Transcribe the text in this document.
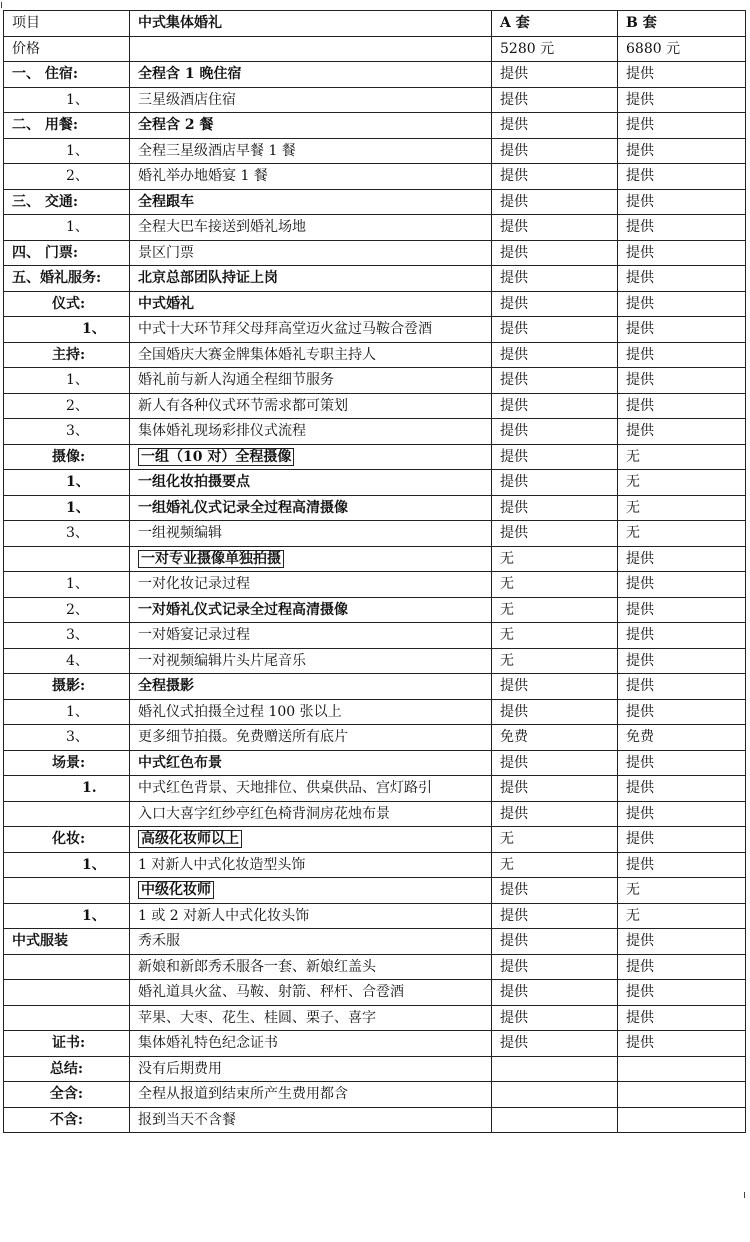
项目	中式集体婚礼	A 套	B 套
价格		5280 元	6880 元
一、 住宿:	全程含 1 晚住宿	提供	提供
1、	三星级酒店住宿	提供	提供
二、 用餐:	全程含 2 餐	提供	提供
1、	全程三星级酒店早餐 1 餐	提供	提供
2、	婚礼举办地婚宴 1 餐	提供	提供
三、 交通:	全程跟车	提供	提供
1、	全程大巴车接送到婚礼场地	提供	提供
四、 门票:	景区门票	提供	提供
五、婚礼服务:	北京总部团队持证上岗	提供	提供
仪式:	中式婚礼	提供	提供
1、	中式十大环节拜父母拜高堂迈火盆过马鞍合卺酒	提供	提供
主持:	全国婚庆大赛金牌集体婚礼专职主持人	提供	提供
1、	婚礼前与新人沟通全程细节服务	提供	提供
2、	新人有各种仪式环节需求都可策划	提供	提供
3、	集体婚礼现场彩排仪式流程	提供	提供
摄像:	一组（10 对）全程摄像	提供	无
1、	一组化妆拍摄要点	提供	无
1、	一组婚礼仪式记录全过程高清摄像	提供	无
3、	一组视频编辑	提供	无
	一对专业摄像单独拍摄	无	提供
1、	一对化妆记录过程	无	提供
2、	一对婚礼仪式记录全过程高清摄像	无	提供
3、	一对婚宴记录过程	无	提供
4、	一对视频编辑片头片尾音乐	无	提供
摄影:	全程摄影	提供	提供
1、	婚礼仪式拍摄全过程 100 张以上	提供	提供
3、	更多细节拍摄。免费赠送所有底片	免费	免费
场景:	中式红色布景	提供	提供
1.	中式红色背景、天地排位、供桌供品、宫灯路引	提供	提供
	入口大喜字红纱亭红色椅背洞房花烛布景	提供	提供
化妆:	高级化妆师以上	无	提供
1、	1 对新人中式化妆造型头饰	无	提供
	中级化妆师	提供	无
1、	1 或 2 对新人中式化妆头饰	提供	无
中式服装	秀禾服	提供	提供
	新娘和新郎秀禾服各一套、新娘红盖头	提供	提供
	婚礼道具火盆、马鞍、射箭、秤杆、合卺酒	提供	提供
	苹果、大枣、花生、桂圆、栗子、喜字	提供	提供
证书:	集体婚礼特色纪念证书	提供	提供
总结:	没有后期费用		
全含:	全程从报道到结束所产生费用都含		
不含:	报到当天不含餐		
